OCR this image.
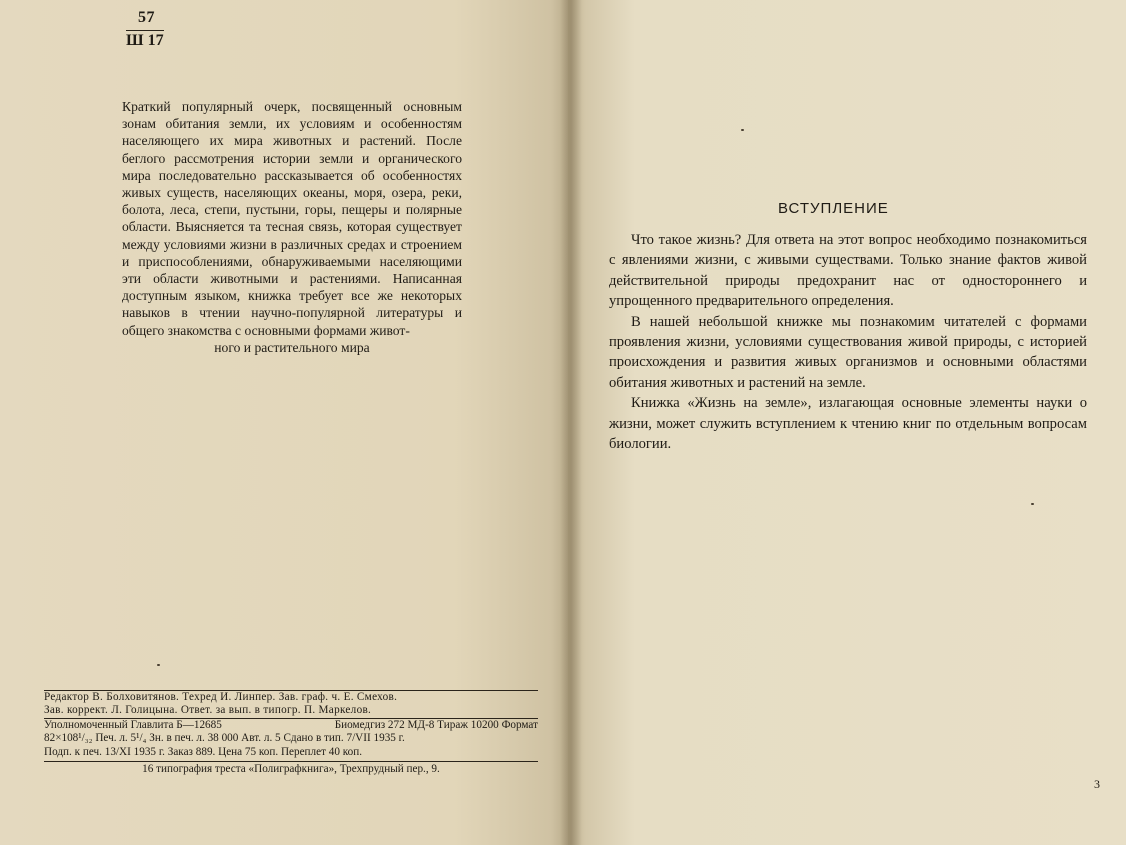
57
Ш 17
Краткий популярный очерк, посвященный основным зонам обитания земли, их условиям и особенностям населяющего их мира животных и растений. После беглого рассмотрения истории земли и органического мира последовательно рассказывается об особенностях живых существ, населяющих океаны, моря, озера, реки, болота, леса, степи, пустыни, горы, пещеры и полярные области. Выясняется та тесная связь, которая существует между условиями жизни в различных средах и строением и приспособлениями, обнаруживаемыми населяющими эти области животными и растениями. Написанная доступным языком, книжка требует все же некоторых навыков в чтении научно-популярной литературы и общего знакомства с основными формами живот-
ного и растительного мира
Редактор В. Болховитянов. Техред И. Линпер. Зав. граф. ч. Е. Смехов.
Зав. коррект. Л. Голицына. Ответ. за вып. в типогр. П. Маркелов.
Уполномоченный Главлита Б—12685	Биомедгиз 272 МД-8 Тираж 10200 Формат
82×108¹/₃₂ Печ. л. 5¹/₄ Зн. в печ. л. 38 000 Авт. л. 5 Сдано в тип. 7/VII 1935 г.
Подп. к печ. 13/XI 1935 г. Заказ 889. Цена 75 коп. Переплет 40 коп.
16 типография треста «Полиграфкнига», Трехпрудный пер., 9.
ВСТУПЛЕНИЕ

Что такое жизнь? Для ответа на этот вопрос необходимо познакомиться с явлениями жизни, с живыми существами. Только знание фактов живой действительной природы предохранит нас от одностороннего и упрощенного предварительного определения.

В нашей небольшой книжке мы познакомим читателей с формами проявления жизни, условиями существования живой природы, с историей происхождения и развития живых организмов и основными областями обитания животных и растений на земле.

Книжка «Жизнь на земле», излагающая основные элементы науки о жизни, может служить вступлением к чтению книг по отдельным вопросам биологии.

3
